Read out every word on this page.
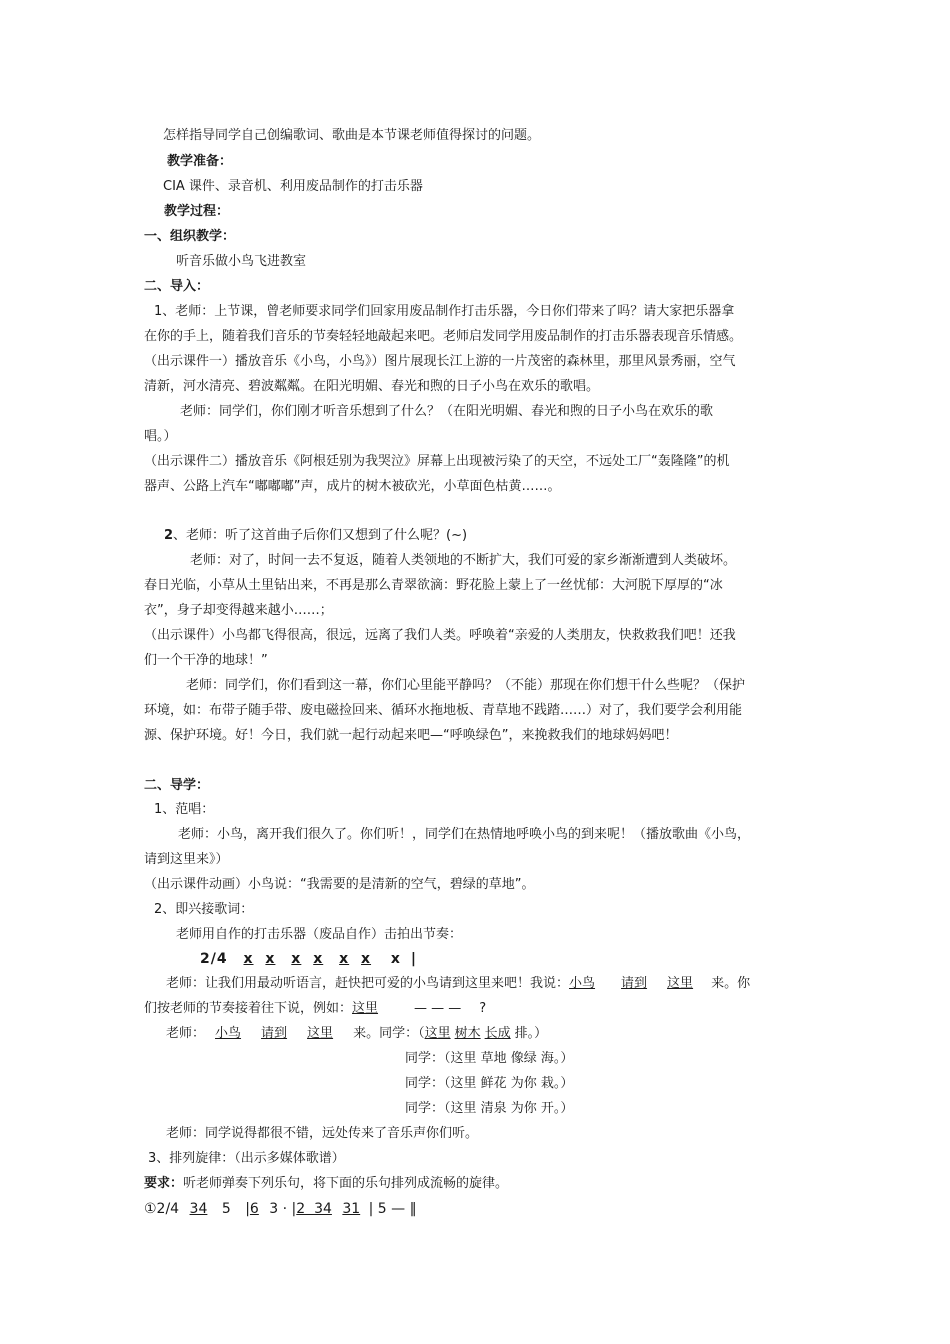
怎样指导同学自己创编歌词、歌曲是本节课老师值得探讨的问题。
教学准备：
CIA 课件、录音机、利用废品制作的打击乐器
教学过程：
一、组织教学：
听音乐做小鸟飞进教室
二、导入：
1、老师：上节课，曾老师要求同学们回家用废品制作打击乐器，今日你们带来了吗？请大家把乐器拿
在你的手上，随着我们音乐的节奏轻轻地敲起来吧。老师启发同学用废品制作的打击乐器表现音乐情感。
（出示课件一）播放音乐《小鸟，小鸟》）图片展现长江上游的一片茂密的森林里，那里风景秀丽，空气
清新，河水清亮、碧波粼粼。在阳光明媚、春光和煦的日子小鸟在欢乐的歌唱。
老师：同学们，你们刚才听音乐想到了什么？（在阳光明媚、春光和煦的日子小鸟在欢乐的歌
唱。）
（出示课件二）播放音乐《阿根廷别为我哭泣》屏幕上出现被污染了的天空，不远处工厂“轰隆隆”的机
器声、公路上汽车“嘟嘟嘟”声，成片的树木被砍光，小草面色枯黄……。
2、老师：听了这首曲子后你们又想到了什么呢？(~)
老师：对了，时间一去不复返，随着人类领地的不断扩大，我们可爱的家乡渐渐遭到人类破坏。
春日光临，小草从土里钻出来，不再是那么青翠欲滴：野花脸上蒙上了一丝忧郁：大河脱下厚厚的“冰
衣”，身子却变得越来越小……；
（出示课件）小鸟都飞得很高，很远，远离了我们人类。呼唤着“亲爱的人类朋友，快救救我们吧！还我
们一个干净的地球！”
老师：同学们，你们看到这一幕，你们心里能平静吗？（不能）那现在你们想干什么些呢？（保护
环境，如：布带子随手带、废电磁捡回来、循环水拖地板、青草地不践踏……）对了，我们要学会利用能
源、保护环境。好！今日，我们就一起行动起来吧—“呼唤绿色”，来挽救我们的地球妈妈吧！
二、导学：
1、范唱：
老师：小鸟，离开我们很久了。你们听！，同学们在热情地呼唤小鸟的到来呢！（播放歌曲《小鸟，
请到这里来》）
（出示课件动画）小鸟说：“我需要的是清新的空气，碧绿的草地”。
2、即兴接歌词：
老师用自作的打击乐器（废品自作）击拍出节奏：
2/4 x x x x x x x |
老师：让我们用最动听语言，赶快把可爱的小鸟请到这里来吧！我说：小鸟 请到 这里 来。你
们按老师的节奏接着往下说，例如：这里	— — — ?
老师： 小鸟 请到 这里 来。同学：（这里 树木 长成 排。）
同学：（这里 草地 像绿 海。）
同学：（这里 鲜花 为你 栽。）
同学：（这里 清泉 为你 开。）
老师：同学说得都很不错，远处传来了音乐声你们听。
3、排列旋律：（出示多媒体歌谱）
要求：听老师弹奏下列乐句，将下面的乐句排列成流畅的旋律。
①2/4 34 5 |6 3 · |2  34 31 | 5 — ‖
